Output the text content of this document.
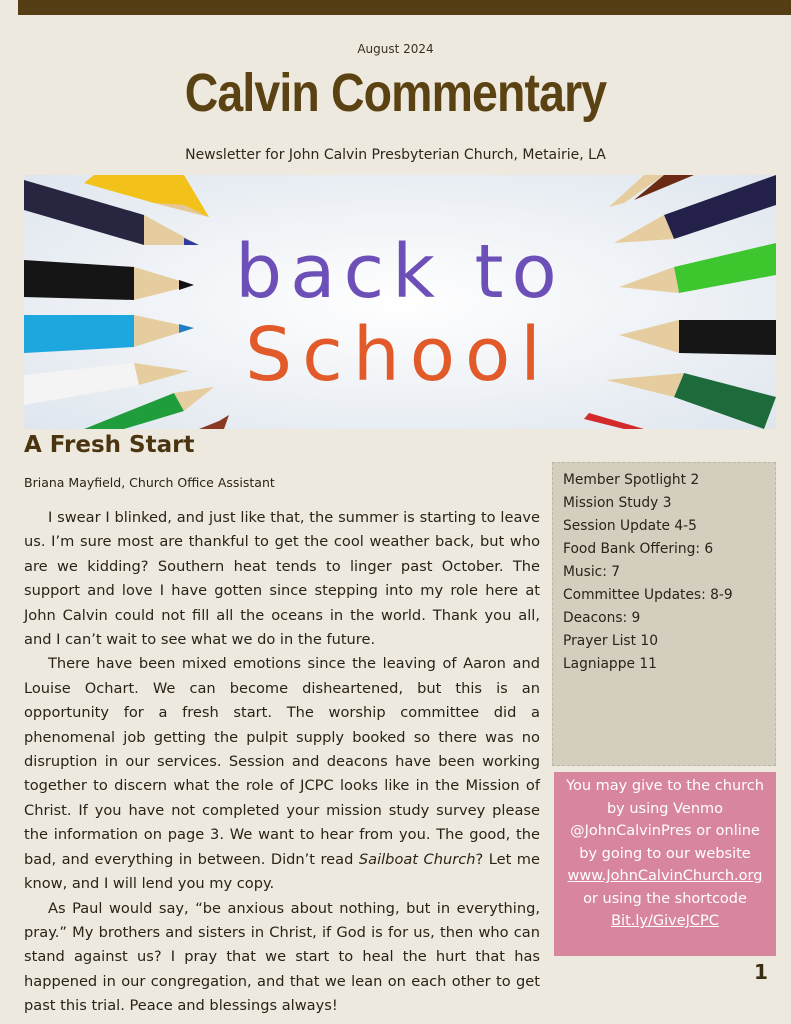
August 2024
Calvin Commentary
Newsletter for John Calvin Presbyterian Church, Metairie, LA
back to
School
A Fresh Start
Briana Mayfield, Church Office Assistant

I swear I blinked, and just like that, the summer is starting to leave us. I’m sure most are thankful to get the cool weather back, but who are we kidding? Southern heat tends to linger past October. The support and love I have gotten since stepping into my role here at John Calvin could not fill all the oceans in the world. Thank you all, and I can’t wait to see what we do in the future.

There have been mixed emotions since the leaving of Aaron and Louise Ochart. We can become disheartened, but this is an opportunity for a fresh start. The worship committee did a phenomenal job getting the pulpit supply booked so there was no disruption in our services. Session and deacons have been working together to discern what the role of JCPC looks like in the Mission of Christ. If you have not completed your mission study survey please the information on page 3. We want to hear from you. The good, the bad, and everything in between. Didn’t read Sailboat Church? Let me know, and I will lend you my copy.

As Paul would say, “be anxious about nothing, but in everything, pray.” My brothers and sisters in Christ, if God is for us, then who can stand against us? I pray that we start to heal the hurt that has happened in our congregation, and that we lean on each other to get past this trial. Peace and blessings always!

Member Spotlight 2
Mission Study 3
Session Update 4-5
Food Bank Offering: 6
Music: 7
Committee Updates: 8-9
Deacons: 9
Prayer List 10
Lagniappe 11
You may give to the church
by using Venmo
@JohnCalvinPres or online
by going to our website
www.JohnCalvinChurch.org
or using the shortcode
Bit.ly/GiveJCPC
1
